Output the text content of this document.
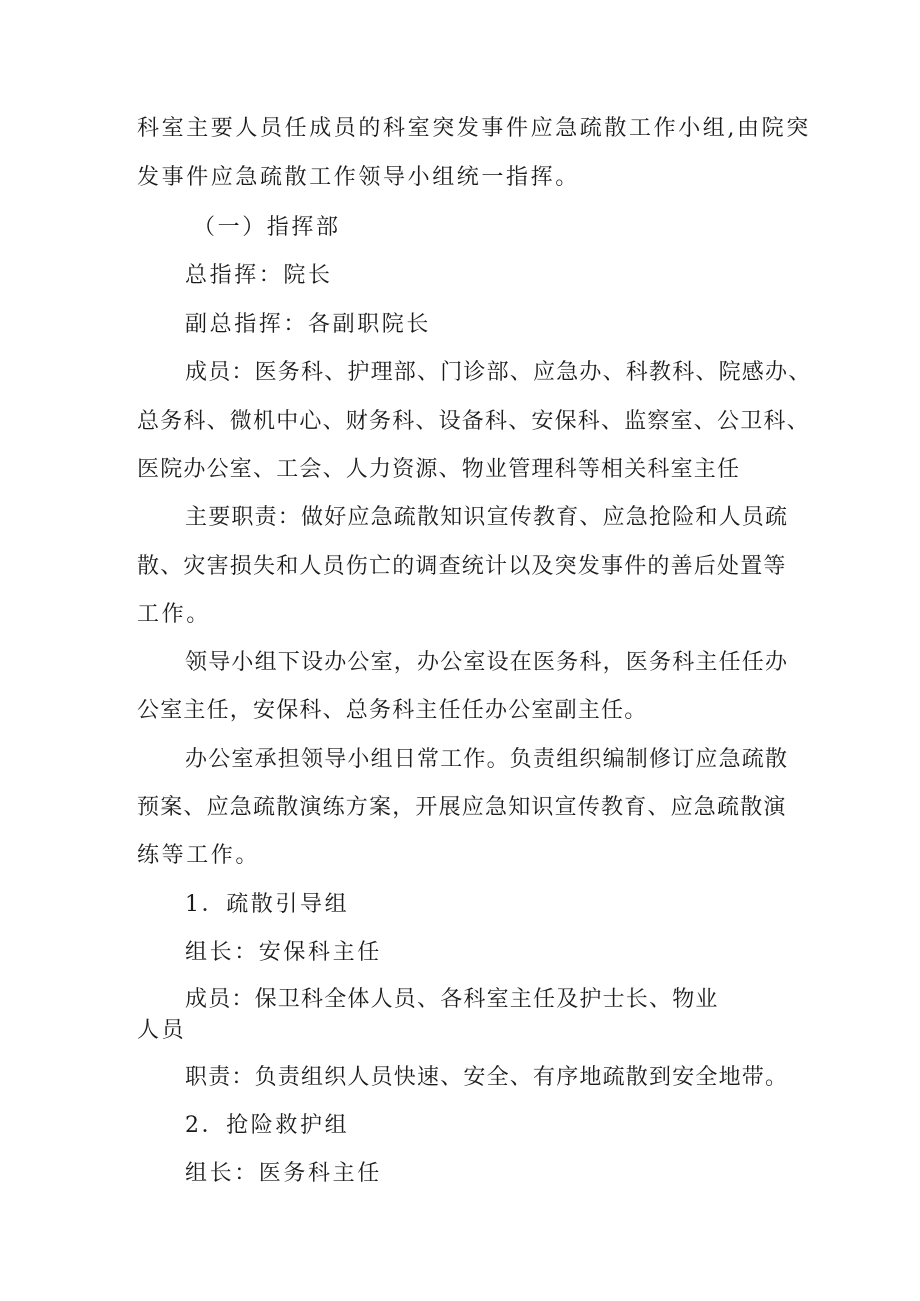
科室主要人员任成员的科室突发事件应急疏散工作小组,由院突
发事件应急疏散工作领导小组统一指挥。
（一）指挥部
总指挥：院长
副总指挥：各副职院长
成员：医务科、护理部、门诊部、应急办、科教科、院感办、
总务科、微机中心、财务科、设备科、安保科、监察室、公卫科、
医院办公室、工会、人力资源、物业管理科等相关科室主任
主要职责：做好应急疏散知识宣传教育、应急抢险和人员疏
散、灾害损失和人员伤亡的调查统计以及突发事件的善后处置等
工作。
领导小组下设办公室，办公室设在医务科，医务科主任任办
公室主任，安保科、总务科主任任办公室副主任。
办公室承担领导小组日常工作。负责组织编制修订应急疏散
预案、应急疏散演练方案，开展应急知识宣传教育、应急疏散演
练等工作。
1．疏散引导组
组长：安保科主任
成员：保卫科全体人员、各科室主任及护士长、物业
人员
职责：负责组织人员快速、安全、有序地疏散到安全地带。
2．抢险救护组
组长：医务科主任
